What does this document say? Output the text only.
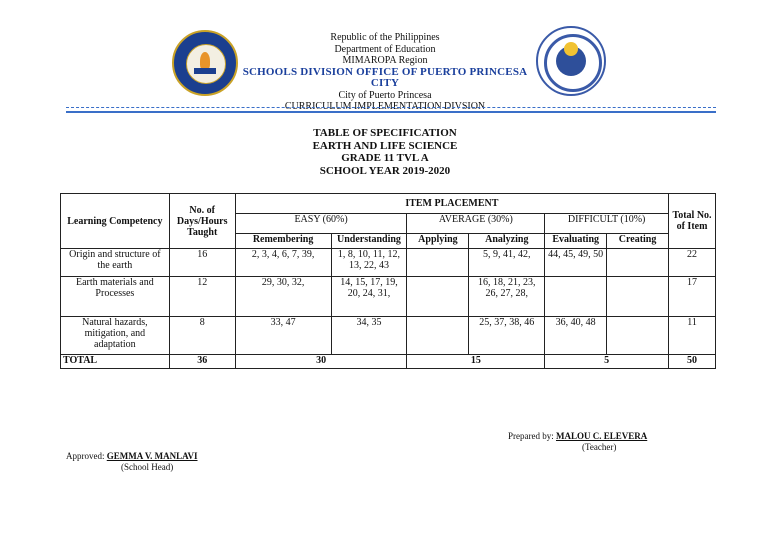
Republic of the Philippines
Department of Education
MIMAROPA Region
SCHOOLS DIVISION OFFICE OF PUERTO PRINCESA CITY
City of Puerto Princesa
CURRICULUM IMPLEMENTATION DIVSION
TABLE OF SPECIFICATION
EARTH AND LIFE SCIENCE
GRADE 11 TVL A
SCHOOL YEAR 2019-2020
Learning Competency	No. of Days/Hours Taught	ITEM PLACEMENT						Total No. of Item
		EASY (60%)		AVERAGE (30%)		DIFFICULT (10%)		
		Remembering	Understanding	Applying	Analyzing	Evaluating	Creating	
Origin and structure of the earth	16	2, 3, 4, 6, 7, 39,	1, 8, 10, 11, 12, 13, 22, 43		5, 9, 41, 42,	44, 45, 49, 50		22
Earth materials and Processes	12	29, 30, 32,	14, 15, 17, 19, 20, 24, 31,		16, 18, 21, 23, 26, 27, 28,			17
Natural hazards, mitigation, and adaptation	8	33, 47	34, 35		25, 37, 38, 46	36, 40, 48		11
TOTAL	36	30		15		5		50
Prepared by: MALOU C. ELEVERA
(Teacher)
Approved: GEMMA V. MANLAVI
(School Head)
